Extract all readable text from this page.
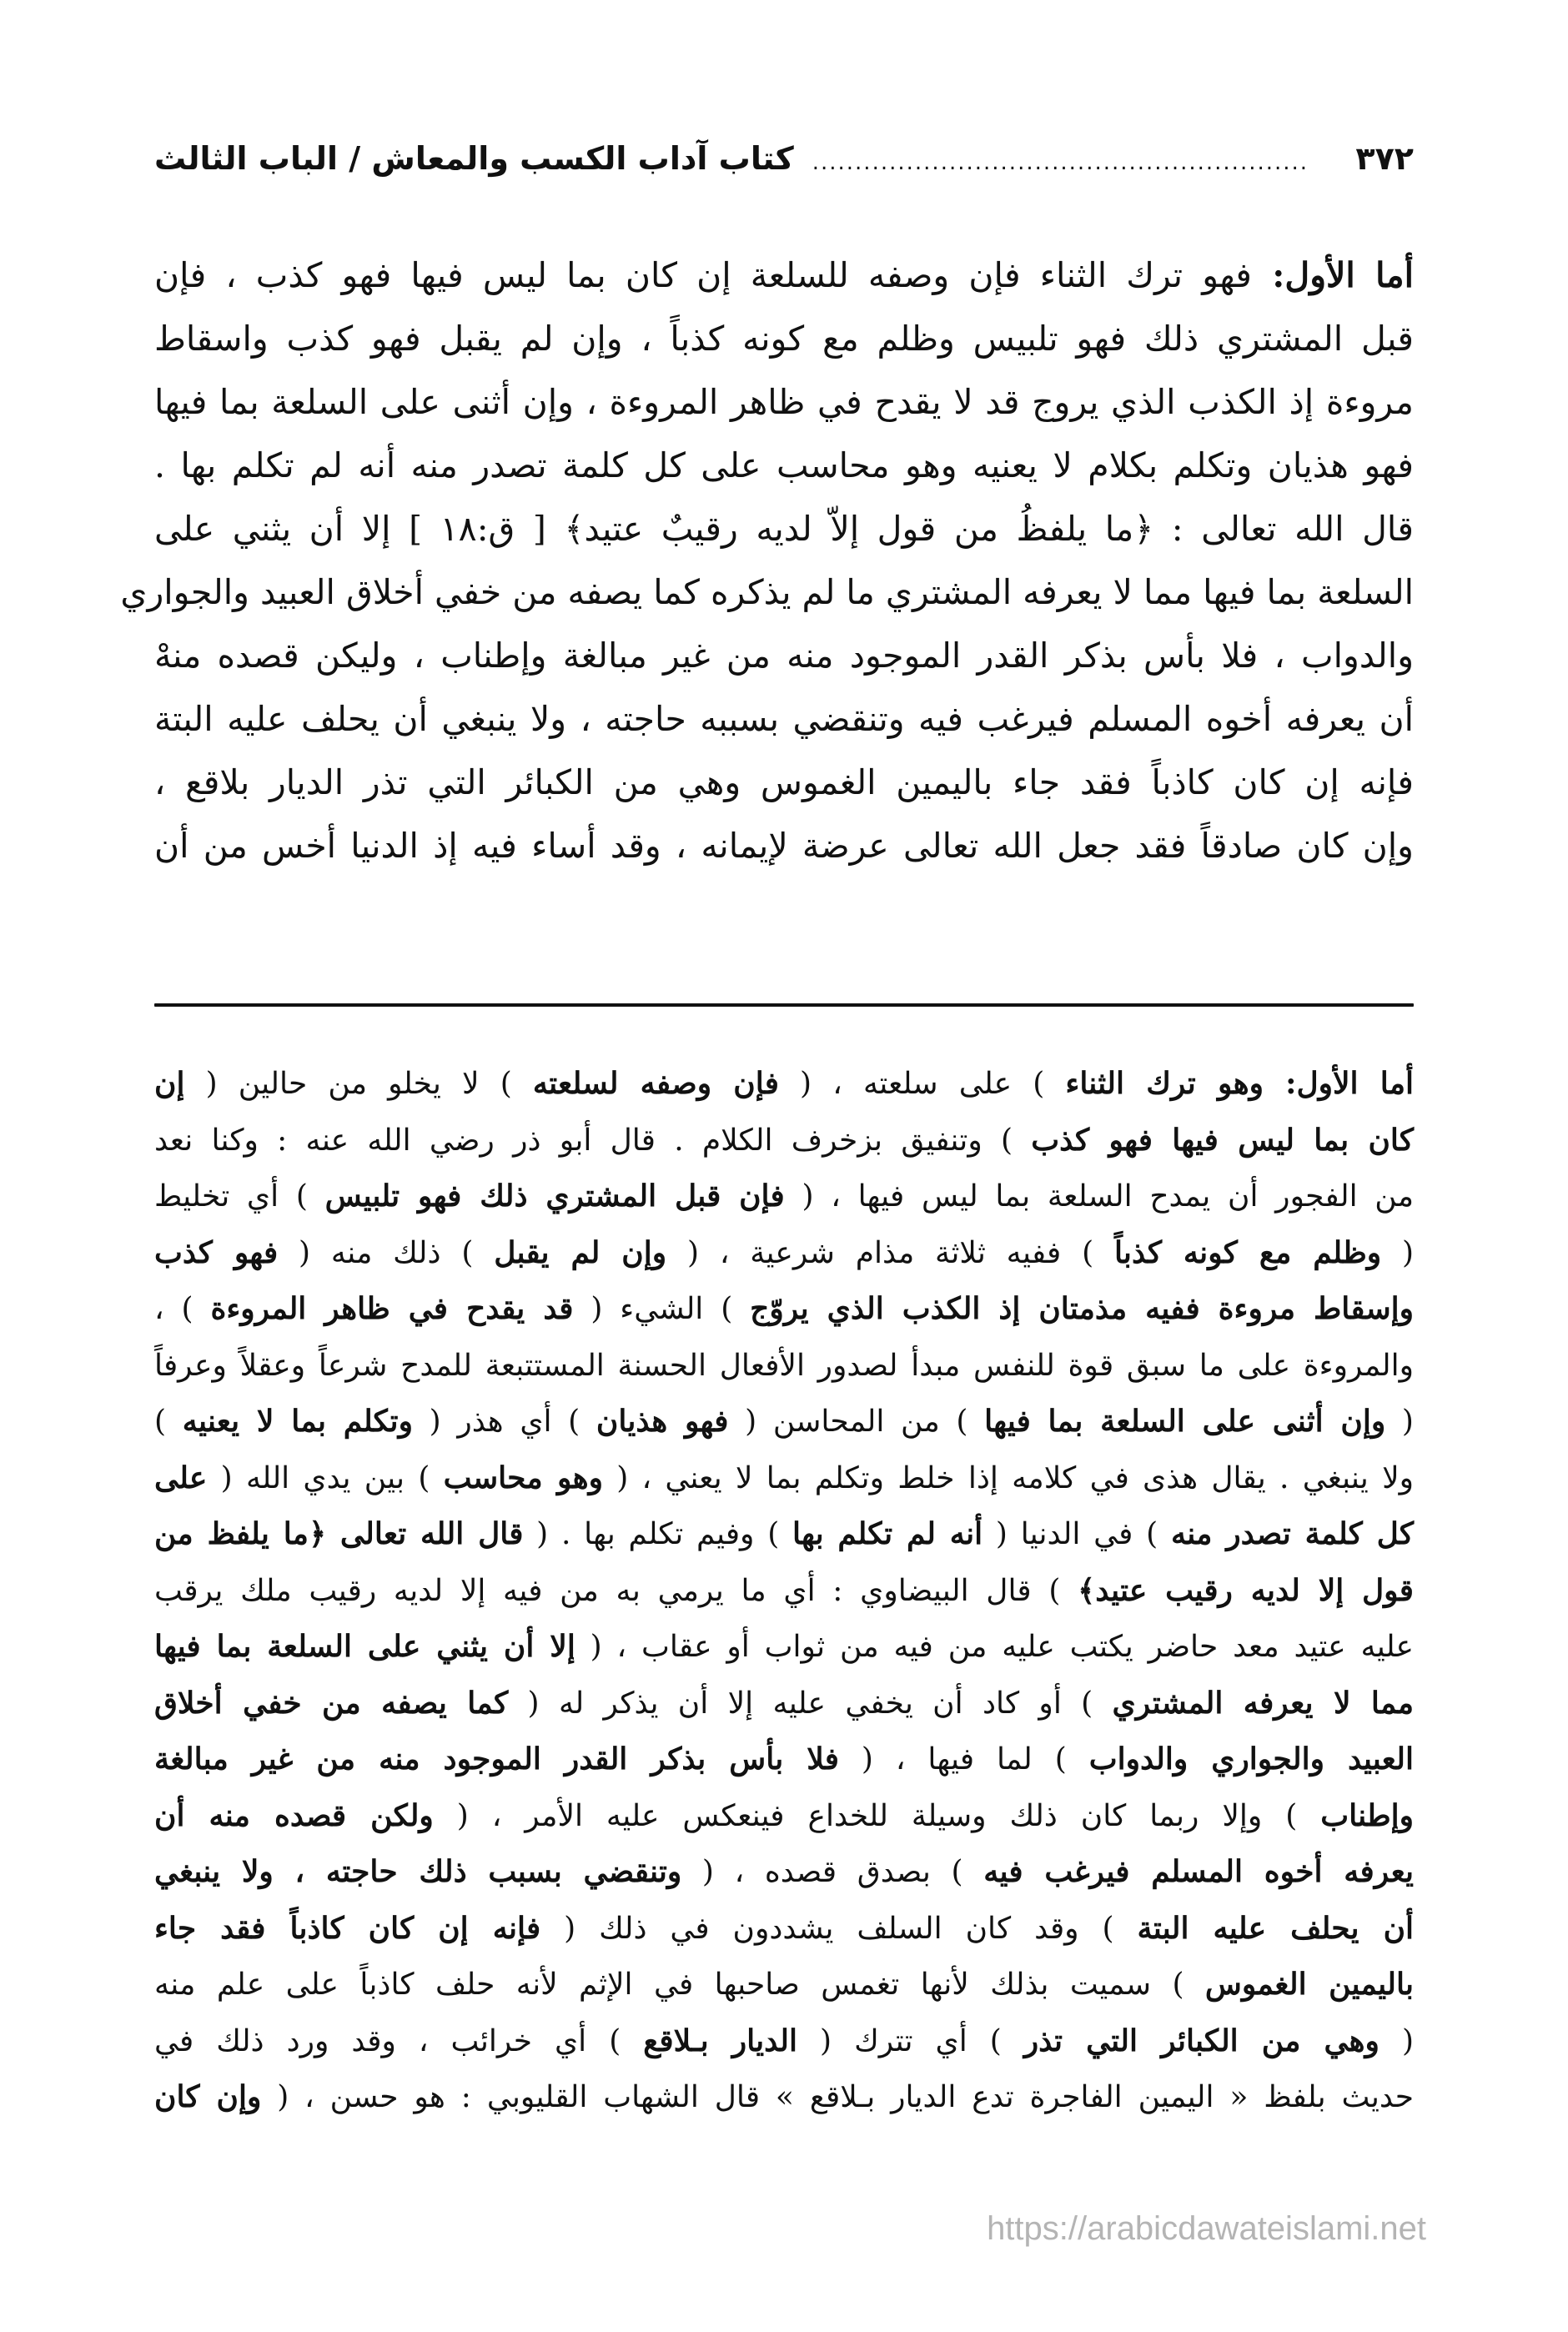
٣٧٢
..........................................................
كتاب آداب الكسب والمعاش / الباب الثالث
أما الأول: فهو ترك الثناء فإن وصفه للسلعة إن كان بما ليس فيها فهو كذب ، فإن
قبل المشتري ذلك فهو تلبيس وظلم مع كونه كذباً ، وإن لم يقبل فهو كذب واسقاط
مروءة إذ الكذب الذي يروج قد لا يقدح في ظاهر المروءة ، وإن أثنى على السلعة بما فيها
فهو هذيان وتكلم بكلام لا يعنيه وهو محاسب على كل كلمة تصدر منه أنه لم تكلم بها .
قال الله تعالى : ﴿ما يلفظُ من قول إلاّ لديه رقيبٌ عتيد﴾ [ ق:١٨ ] إلا أن يثني على
السلعة بما فيها مما لا يعرفه المشتري ما لم يذكره كما يصفه من خفي أخلاق العبيد والجواري
والدواب ، فلا بأس بذكر القدر الموجود منه من غير مبالغة وإطناب ، وليكن قصده منهْ
أن يعرفه أخوه المسلم فيرغب فيه وتنقضي بسببه حاجته ، ولا ينبغي أن يحلف عليه البتة
فإنه إن كان كاذباً فقد جاء باليمين الغموس وهي من الكبائر التي تذر الديار بلاقع ،
وإن كان صادقاً فقد جعل الله تعالى عرضة لإيمانه ، وقد أساء فيه إذ الدنيا أخس من أن
أما الأول: وهو ترك الثناء ) على سلعته ، ( فإن وصفه لسلعته ) لا يخلو من حالين ( إن
كان بما ليس فيها فهو كذب ) وتنفيق بزخرف الكلام . قال أبو ذر رضي الله عنه : وكنا نعد
من الفجور أن يمدح السلعة بما ليس فيها ، ( فإن قبل المشتري ذلك فهو تلبيس ) أي تخليط
( وظلم مع كونه كذباً ) ففيه ثلاثة مذام شرعية ، ( وإن لم يقبل ) ذلك منه ( فهو كذب
وإسقاط مروءة ففيه مذمتان إذ الكذب الذي يروّج ) الشيء ( قد يقدح في ظاهر المروءة ) ،
والمروءة على ما سبق قوة للنفس مبدأ لصدور الأفعال الحسنة المستتبعة للمدح شرعاً وعقلاً وعرفاً
( وإن أثنى على السلعة بما فيها ) من المحاسن ( فهو هذيان ) أي هذر ( وتكلم بما لا يعنيه )
ولا ينبغي . يقال هذى في كلامه إذا خلط وتكلم بما لا يعني ، ( وهو محاسب ) بين يدي الله ( على
كل كلمة تصدر منه ) في الدنيا ( أنه لم تكلم بها ) وفيم تكلم بها . ( قال الله تعالى ﴿ما يلفظ من
قول إلا لديه رقيب عتيد﴾ ) قال البيضاوي : أي ما يرمي به من فيه إلا لديه رقيب ملك يرقب
عليه عتيد معد حاضر يكتب عليه من فيه من ثواب أو عقاب ، ( إلا أن يثني على السلعة بما فيها
مما لا يعرفه المشتري ) أو كاد أن يخفي عليه إلا أن يذكر له ( كما يصفه من خفي أخلاق
العبيد والجواري والدواب ) لما فيها ، ( فلا بأس بذكر القدر الموجود منه من غير مبالغة
وإطناب ) وإلا ربما كان ذلك وسيلة للخداع فينعكس عليه الأمر ، ( ولكن قصده منه أن
يعرفه أخوه المسلم فيرغب فيه ) بصدق قصده ، ( وتنقضي بسبب ذلك حاجته ، ولا ينبغي
أن يحلف عليه البتة ) وقد كان السلف يشددون في ذلك ( فإنه إن كان كاذباً فقد جاء
باليمين الغموس ) سميت بذلك لأنها تغمس صاحبها في الإثم لأنه حلف كاذباً على علم منه
( وهي من الكبائر التي تذر ) أي تترك ( الديار بـلاقع ) أي خرائب ، وقد ورد ذلك في
حديث بلفظ « اليمين الفاجرة تدع الديار بـلاقع » قال الشهاب القليوبي : هو حسن ، ( وإن كان
https://arabicdawateislami.net
